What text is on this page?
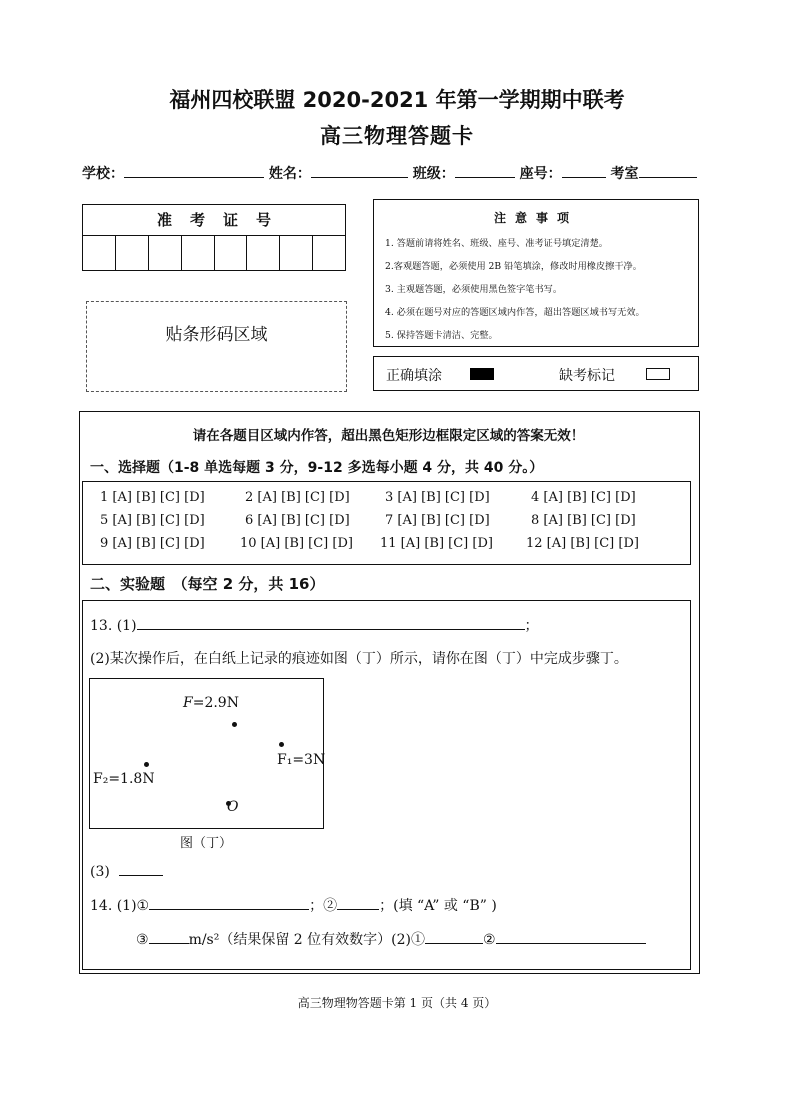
福州四校联盟 2020-2021 年第一学期期中联考
高三物理答题卡
学校：	姓名：	班级：	座号：	考室
准考证号
贴条形码区域
注意事项
1. 答题前请将姓名、班级、座号、准考证号填定清楚。
2.客观题答题，必须使用 2B 铅笔填涂，修改时用橡皮擦干净。
3. 主观题答题，必须使用黑色签字笔书写。
4. 必须在题号对应的答题区域内作答，超出答题区域书写无效。
5. 保持答题卡清洁、完整。
正确填涂	缺考标记
请在各题目区域内作答，超出黑色矩形边框限定区域的答案无效！
一、选择题（1-8 单选每题 3 分，9-12 多选每小题 4 分，共 40 分。）
1 [A] [B] [C] [D]	2 [A] [B] [C] [D]	3 [A] [B] [C] [D]	4 [A] [B] [C] [D]
5 [A] [B] [C] [D]	6 [A] [B] [C] [D]	7 [A] [B] [C] [D]	8 [A] [B] [C] [D]
9 [A] [B] [C] [D]	10 [A] [B] [C] [D] 11 [A] [B] [C] [D]	12 [A] [B] [C] [D]
二、实验题　（每空 2 分，共 16）
13. (1)	；
(2)某次操作后，在白纸上记录的痕迹如图（丁）所示，请你在图（丁）中完成步骤丁。
F=2.9N
F₁=3N
F₂=1.8N
O
图（丁）
(3)
14. (1)①	；②	；(填 “A” 或 “B” )
③	m/s²（结果保留 2 位有效数字）(2)①	②
高三物理物答题卡第 1 页（共 4 页）
